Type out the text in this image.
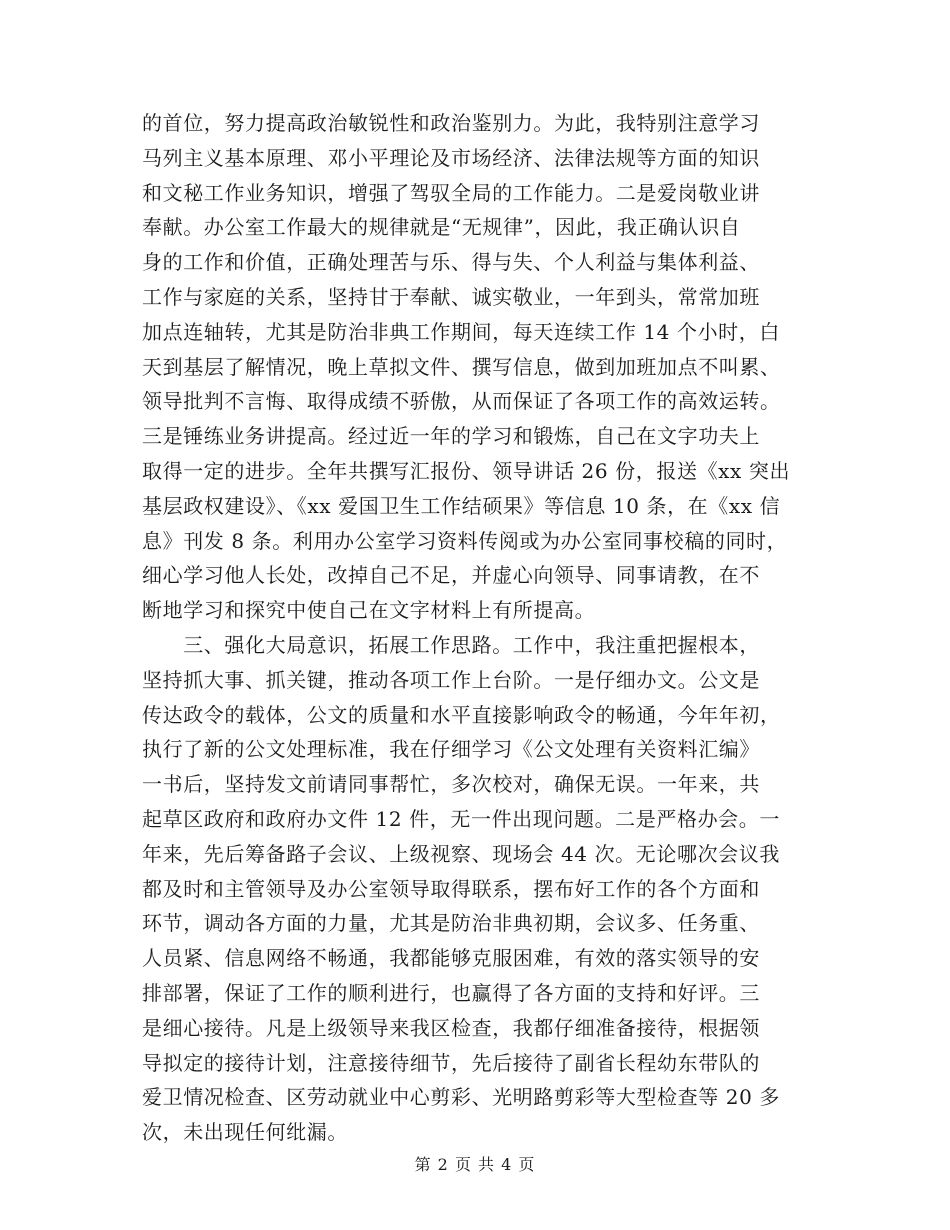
的首位，努力提高政治敏锐性和政治鉴别力。为此，我特别注意学习
马列主义基本原理、邓小平理论及市场经济、法律法规等方面的知识
和文秘工作业务知识，增强了驾驭全局的工作能力。二是爱岗敬业讲
奉献。办公室工作最大的规律就是“无规律”，因此，我正确认识自
身的工作和价值，正确处理苦与乐、得与失、个人利益与集体利益、
工作与家庭的关系，坚持甘于奉献、诚实敬业，一年到头，常常加班
加点连轴转，尤其是防治非典工作期间，每天连续工作 14 个小时，白
天到基层了解情况，晚上草拟文件、撰写信息，做到加班加点不叫累、
领导批判不言悔、取得成绩不骄傲，从而保证了各项工作的高效运转。
三是锤练业务讲提高。经过近一年的学习和锻炼，自己在文字功夫上
取得一定的进步。全年共撰写汇报份、领导讲话 26 份，报送《xx 突出
基层政权建设》、《xx 爱国卫生工作结硕果》等信息 10 条，在《xx 信
息》刊发 8 条。利用办公室学习资料传阅或为办公室同事校稿的同时，
细心学习他人长处，改掉自己不足，并虚心向领导、同事请教，在不
断地学习和探究中使自己在文字材料上有所提高。
　　三、强化大局意识，拓展工作思路。工作中，我注重把握根本，
坚持抓大事、抓关键，推动各项工作上台阶。一是仔细办文。公文是
传达政令的载体，公文的质量和水平直接影响政令的畅通，今年年初，
执行了新的公文处理标准，我在仔细学习《公文处理有关资料汇编》
一书后，坚持发文前请同事帮忙，多次校对，确保无误。一年来，共
起草区政府和政府办文件 12 件，无一件出现问题。二是严格办会。一
年来，先后筹备路子会议、上级视察、现场会 44 次。无论哪次会议我
都及时和主管领导及办公室领导取得联系，摆布好工作的各个方面和
环节，调动各方面的力量，尤其是防治非典初期，会议多、任务重、
人员紧、信息网络不畅通，我都能够克服困难，有效的落实领导的安
排部署，保证了工作的顺利进行，也赢得了各方面的支持和好评。三
是细心接待。凡是上级领导来我区检查，我都仔细准备接待，根据领
导拟定的接待计划，注意接待细节，先后接待了副省长程幼东带队的
爱卫情况检查、区劳动就业中心剪彩、光明路剪彩等大型检查等 20 多
次，未出现任何纰漏。
第 2 页 共 4 页
